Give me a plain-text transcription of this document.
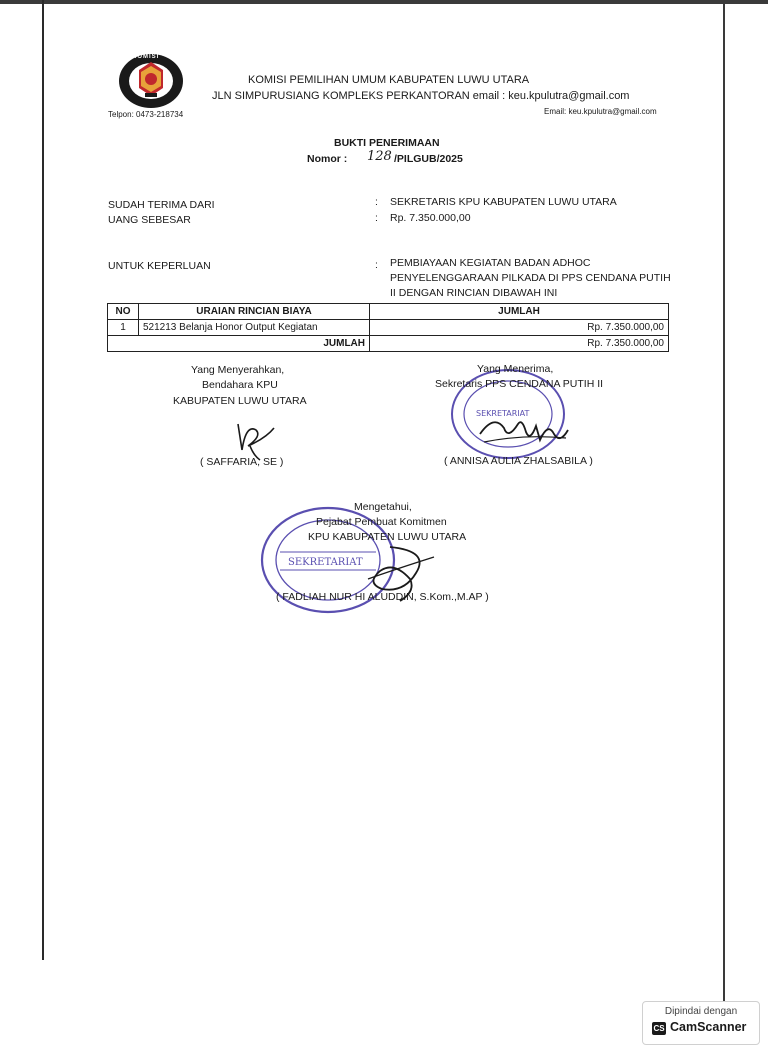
KOMISI
KOMISI PEMILIHAN UMUM KABUPATEN LUWU UTARA
JLN SIMPURUSIANG KOMPLEKS PERKANTORAN email : keu.kpulutra@gmail.com
Telpon: 0473-218734	Email: keu.kpulutra@gmail.com
BUKTI PENERIMAAN
Nomor : 128 /PILGUB/2025
SUDAH TERIMA DARI	: SEKRETARIS KPU KABUPATEN LUWU UTARA
UANG SEBESAR	: Rp. 7.350.000,00
UNTUK KEPERLUAN	: PEMBIAYAAN KEGIATAN BADAN ADHOC
PENYELENGGARAAN PILKADA DI PPS CENDANA PUTIH
II DENGAN RINCIAN DIBAWAH INI
NO	URAIAN RINCIAN BIAYA	JUMLAH
1	521213 Belanja Honor Output Kegiatan	Rp. 7.350.000,00
JUMLAH		Rp. 7.350.000,00
SEKRETARIAT
Yang Menyerahkan,
Bendahara KPU
KABUPATEN LUWU UTARA
( SAFFARIA, SE )
Yang Menerima,
Sekretaris PPS CENDANA PUTIH II
( ANNISA AULIA ZHALSABILA )
SEKRETARIAT
Mengetahui,
Pejabat Pembuat Komitmen
KPU KABUPATEN LUWU UTARA
( FADLIAH NUR HI ALUDDIN, S.Kom.,M.AP )
Dipindai dengan
CS CamScanner
